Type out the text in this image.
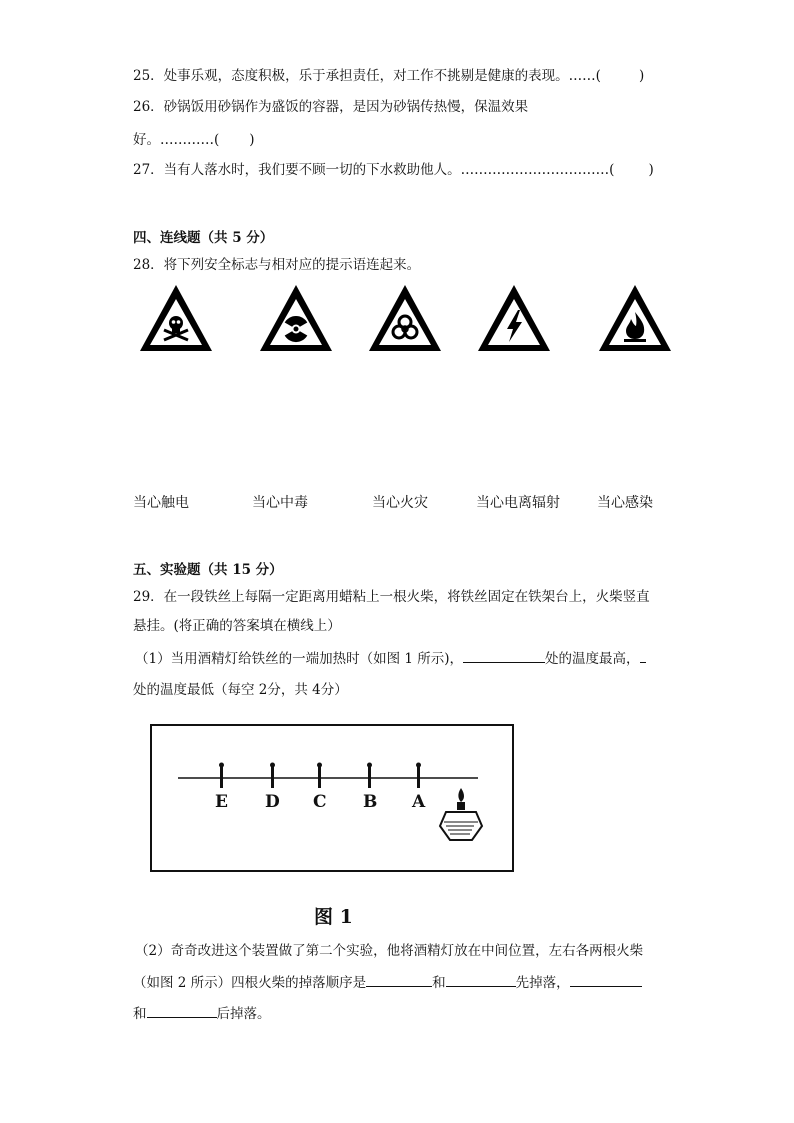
25．处事乐观，态度积极，乐于承担责任，对工作不挑剔是健康的表现。……(	)
26．砂锅饭用砂锅作为盛饭的容器，是因为砂锅传热慢，保温效果
好。…………( )
27．当有人落水时，我们要不顾一切的下水救助他人。……………………………(	)
四、连线题（共 5 分）
28．将下列安全标志与相对应的提示语连起来。
当心触电	当心中毒	当心火灾	当心电离辐射	当心感染
五、实验题（共 15 分）
29．在一段铁丝上每隔一定距离用蜡粘上一根火柴，将铁丝固定在铁架台上，火柴竖直
悬挂。(将正确的答案填在横线上）
（1）当用酒精灯给铁丝的一端加热时（如图 1 所示)，	处的温度最高，
处的温度最低（每空 2分，共 4分）
E D C B A
图 1
（2）奇奇改进这个装置做了第二个实验，他将酒精灯放在中间位置，左右各两根火柴
（如图 2 所示）四根火柴的掉落顺序是	和	先掉落，
和	后掉落。
